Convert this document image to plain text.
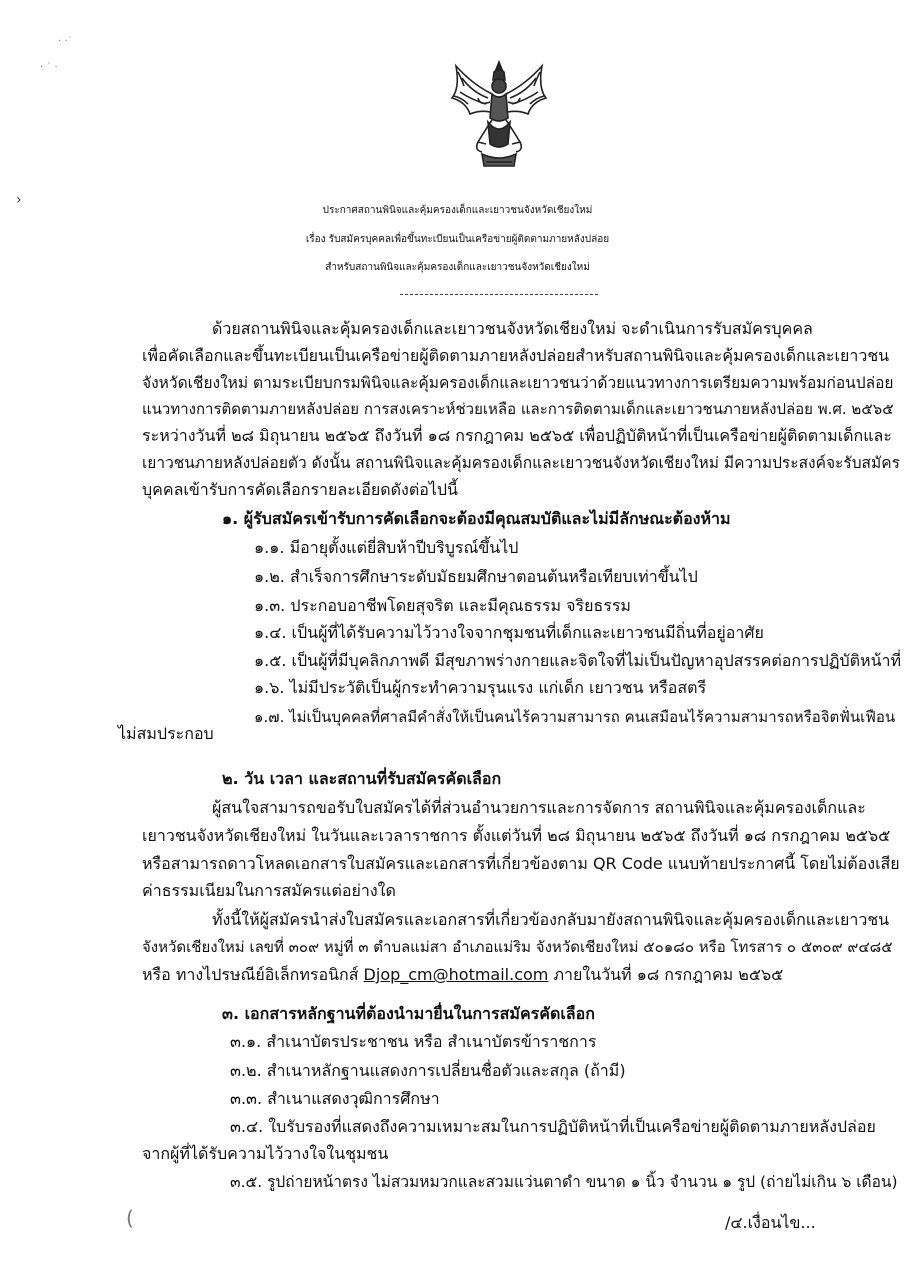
· ·˙
· ˙ ·
›
(
ประกาศสถานพินิจและคุ้มครองเด็กและเยาวชนจังหวัดเชียงใหม่
เรื่อง รับสมัครบุคคลเพื่อขึ้นทะเบียนเป็นเครือข่ายผู้ติดตามภายหลังปล่อย
สำหรับสถานพินิจและคุ้มครองเด็กและเยาวชนจังหวัดเชียงใหม่
ด้วยสถานพินิจและคุ้มครองเด็กและเยาวชนจังหวัดเชียงใหม่ จะดำเนินการรับสมัครบุคคล
เพื่อคัดเลือกและขึ้นทะเบียนเป็นเครือข่ายผู้ติดตามภายหลังปล่อยสำหรับสถานพินิจและคุ้มครองเด็กและเยาวชน
จังหวัดเชียงใหม่ ตามระเบียบกรมพินิจและคุ้มครองเด็กและเยาวชนว่าด้วยแนวทางการเตรียมความพร้อมก่อนปล่อย
แนวทางการติดตามภายหลังปล่อย การสงเคราะห์ช่วยเหลือ และการติดตามเด็กและเยาวชนภายหลังปล่อย พ.ศ. ๒๕๖๕
ระหว่างวันที่ ๒๘ มิถุนายน ๒๕๖๕ ถึงวันที่ ๑๘ กรกฎาคม ๒๕๖๕ เพื่อปฏิบัติหน้าที่เป็นเครือข่ายผู้ติดตามเด็กและ
เยาวชนภายหลังปล่อยตัว ดังนั้น สถานพินิจและคุ้มครองเด็กและเยาวชนจังหวัดเชียงใหม่ มีความประสงค์จะรับสมัคร
บุคคลเข้ารับการคัดเลือกรายละเอียดดังต่อไปนี้
๑. ผู้รับสมัครเข้ารับการคัดเลือกจะต้องมีคุณสมบัติและไม่มีลักษณะต้องห้าม
๑.๑. มีอายุตั้งแต่ยี่สิบห้าปีบริบูรณ์ขึ้นไป
๑.๒. สำเร็จการศึกษาระดับมัธยมศึกษาตอนต้นหรือเทียบเท่าขึ้นไป
๑.๓. ประกอบอาชีพโดยสุจริต และมีคุณธรรม จริยธรรม
๑.๔. เป็นผู้ที่ได้รับความไว้วางใจจากชุมชนที่เด็กและเยาวชนมีถิ่นที่อยู่อาศัย
๑.๕. เป็นผู้ที่มีบุคลิกภาพดี มีสุขภาพร่างกายและจิตใจที่ไม่เป็นปัญหาอุปสรรคต่อการปฏิบัติหน้าที่
๑.๖. ไม่มีประวัติเป็นผู้กระทำความรุนแรง แก่เด็ก เยาวชน หรือสตรี
๑.๗. ไม่เป็นบุคคลที่ศาลมีคำสั่งให้เป็นคนไร้ความสามารถ คนเสมือนไร้ความสามารถหรือจิตฟั่นเฟือน
ไม่สมประกอบ
๒. วัน เวลา และสถานที่รับสมัครคัดเลือก
ผู้สนใจสามารถขอรับใบสมัครได้ที่ส่วนอำนวยการและการจัดการ สถานพินิจและคุ้มครองเด็กและ
เยาวชนจังหวัดเชียงใหม่ ในวันและเวลาราชการ ตั้งแต่วันที่ ๒๘ มิถุนายน ๒๕๖๕ ถึงวันที่ ๑๘ กรกฎาคม ๒๕๖๕
หรือสามารถดาวโหลดเอกสารใบสมัครและเอกสารที่เกี่ยวข้องตาม QR Code แนบท้ายประกาศนี้ โดยไม่ต้องเสีย
ค่าธรรมเนียมในการสมัครแต่อย่างใด
ทั้งนี้ให้ผู้สมัครนำส่งใบสมัครและเอกสารที่เกี่ยวข้องกลับมายังสถานพินิจและคุ้มครองเด็กและเยาวชน
จังหวัดเชียงใหม่ เลขที่ ๓๐๙ หมู่ที่ ๓ ตำบลแม่สา อำเภอแม่ริม จังหวัดเชียงใหม่ ๕๐๑๘๐ หรือ โทรสาร ๐ ๕๓๐๙ ๙๔๘๕
หรือ ทางไปรษณีย์อิเล็กทรอนิกส์ Djop_cm@hotmail.com ภายในวันที่ ๑๘ กรกฎาคม ๒๕๖๕
๓. เอกสารหลักฐานที่ต้องนำมายื่นในการสมัครคัดเลือก
๓.๑. สำเนาบัตรประชาชน หรือ สำเนาบัตรข้าราชการ
๓.๒. สำเนาหลักฐานแสดงการเปลี่ยนชื่อตัวและสกุล (ถ้ามี)
๓.๓. สำเนาแสดงวุฒิการศึกษา
๓.๔. ใบรับรองที่แสดงถึงความเหมาะสมในการปฏิบัติหน้าที่เป็นเครือข่ายผู้ติดตามภายหลังปล่อย
จากผู้ที่ได้รับความไว้วางใจในชุมชน
๓.๕. รูปถ่ายหน้าตรง ไม่สวมหมวกและสวมแว่นตาดำ ขนาด ๑ นิ้ว จำนวน ๑ รูป (ถ่ายไม่เกิน ๖ เดือน)
/๔.เงื่อนไข...
